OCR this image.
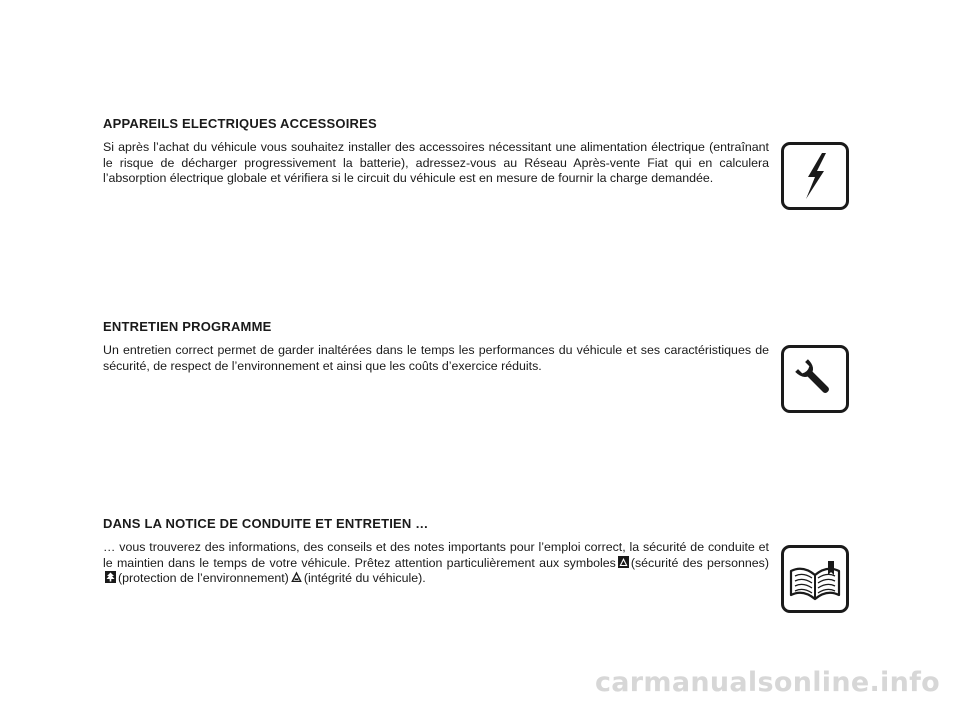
APPAREILS ELECTRIQUES ACCESSOIRES

Si après l’achat du véhicule vous souhaitez installer des accessoires nécessitant une alimentation électrique (entraînant le risque de décharger progressivement la batterie), adressez-vous au Réseau Après-vente Fiat qui en calculera l’absorption électrique globale et vérifiera si le circuit du véhicule est en mesure de fournir la charge demandée.

ENTRETIEN PROGRAMME

Un entretien correct permet de garder inaltérées dans le temps les performances du véhicule et ses caractéristiques de sécurité, de respect de l’environnement et ainsi que les coûts d’exercice réduits.

DANS LA NOTICE DE CONDUITE ET ENTRETIEN …

… vous trouverez des informations, des conseils et des notes importants pour l’emploi correct, la sécurité de conduite et le maintien dans le temps de votre véhicule. Prêtez attention particulièrement aux symboles (sécurité des personnes) (protection de l’environnement) (intégrité du véhicule).

carmanualsonline.info
